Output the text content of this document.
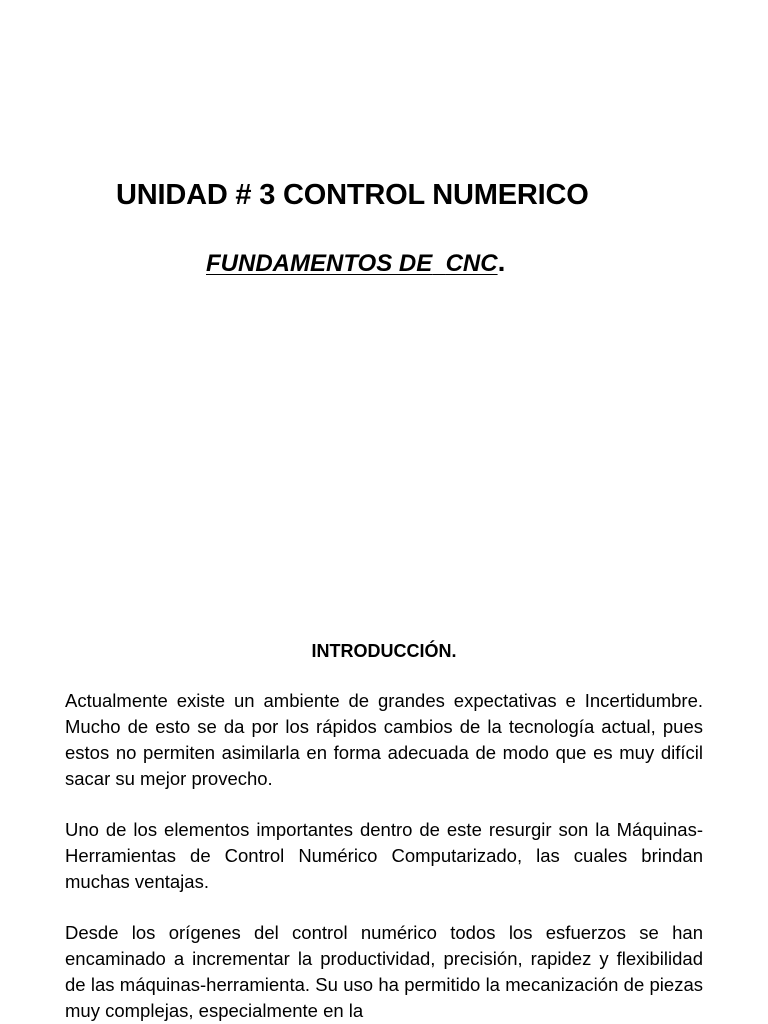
UNIDAD # 3 CONTROL NUMERICO
FUNDAMENTOS DE CNC.
INTRODUCCIÓN.

Actualmente existe un ambiente de grandes expectativas e Incertidumbre. Mucho de esto se da por los rápidos cambios de la tecnología actual, pues estos no permiten asimilarla en forma adecuada de modo que es muy difícil sacar su mejor provecho.

Uno de los elementos importantes dentro de este resurgir son la Máquinas-Herramientas de Control Numérico Computarizado, las cuales brindan muchas ventajas.

Desde los orígenes del control numérico todos los esfuerzos se han encaminado a incrementar la productividad, precisión, rapidez y flexibilidad de las máquinas-herramienta. Su uso ha permitido la mecanización de piezas muy complejas, especialmente en la
